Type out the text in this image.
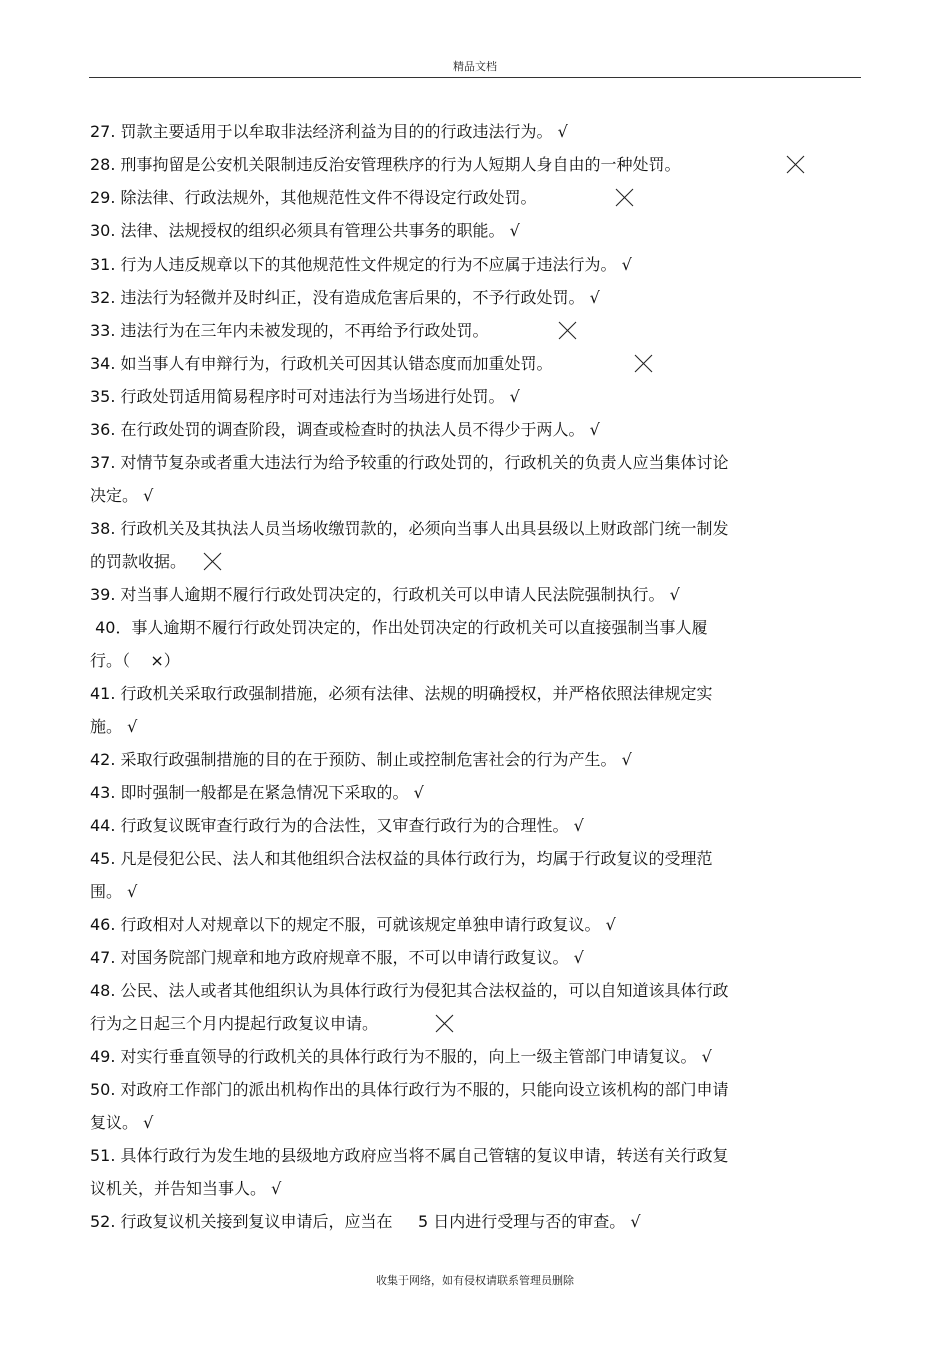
精品文档
27. 罚款主要适用于以牟取非法经济利益为目的的行政违法行为。 √
28. 刑事拘留是公安机关限制违反治安管理秩序的行为人短期人身自由的一种处罚。
29. 除法律、行政法规外，其他规范性文件不得设定行政处罚。
30. 法律、法规授权的组织必须具有管理公共事务的职能。 √
31. 行为人违反规章以下的其他规范性文件规定的行为不应属于违法行为。 √
32. 违法行为轻微并及时纠正，没有造成危害后果的，不予行政处罚。 √
33. 违法行为在三年内未被发现的，不再给予行政处罚。
34. 如当事人有申辩行为，行政机关可因其认错态度而加重处罚。
35. 行政处罚适用简易程序时可对违法行为当场进行处罚。 √
36. 在行政处罚的调查阶段，调查或检查时的执法人员不得少于两人。 √
37. 对情节复杂或者重大违法行为给予较重的行政处罚的，行政机关的负责人应当集体讨论
决定。 √
38. 行政机关及其执法人员当场收缴罚款的，必须向当事人出具县级以上财政部门统一制发
的罚款收据。
39. 对当事人逾期不履行行政处罚决定的，行政机关可以申请人民法院强制执行。 √
40．事人逾期不履行行政处罚决定的，作出处罚决定的行政机关可以直接强制当事人履
行。（    ×）
41. 行政机关采取行政强制措施，必须有法律、法规的明确授权，并严格依照法律规定实
施。 √
42. 采取行政强制措施的目的在于预防、制止或控制危害社会的行为产生。 √
43. 即时强制一般都是在紧急情况下采取的。 √
44. 行政复议既审查行政行为的合法性，又审查行政行为的合理性。 √
45. 凡是侵犯公民、法人和其他组织合法权益的具体行政行为，均属于行政复议的受理范
围。 √
46. 行政相对人对规章以下的规定不服，可就该规定单独申请行政复议。 √
47. 对国务院部门规章和地方政府规章不服，不可以申请行政复议。 √
48. 公民、法人或者其他组织认为具体行政行为侵犯其合法权益的，可以自知道该具体行政
行为之日起三个月内提起行政复议申请。
49. 对实行垂直领导的行政机关的具体行政行为不服的，向上一级主管部门申请复议。 √
50. 对政府工作部门的派出机构作出的具体行政行为不服的，只能向设立该机构的部门申请
复议。 √
51. 具体行政行为发生地的县级地方政府应当将不属自己管辖的复议申请，转送有关行政复
议机关，并告知当事人。 √
52. 行政复议机关接到复议申请后，应当在     5 日内进行受理与否的审查。 √
收集于网络，如有侵权请联系管理员删除
